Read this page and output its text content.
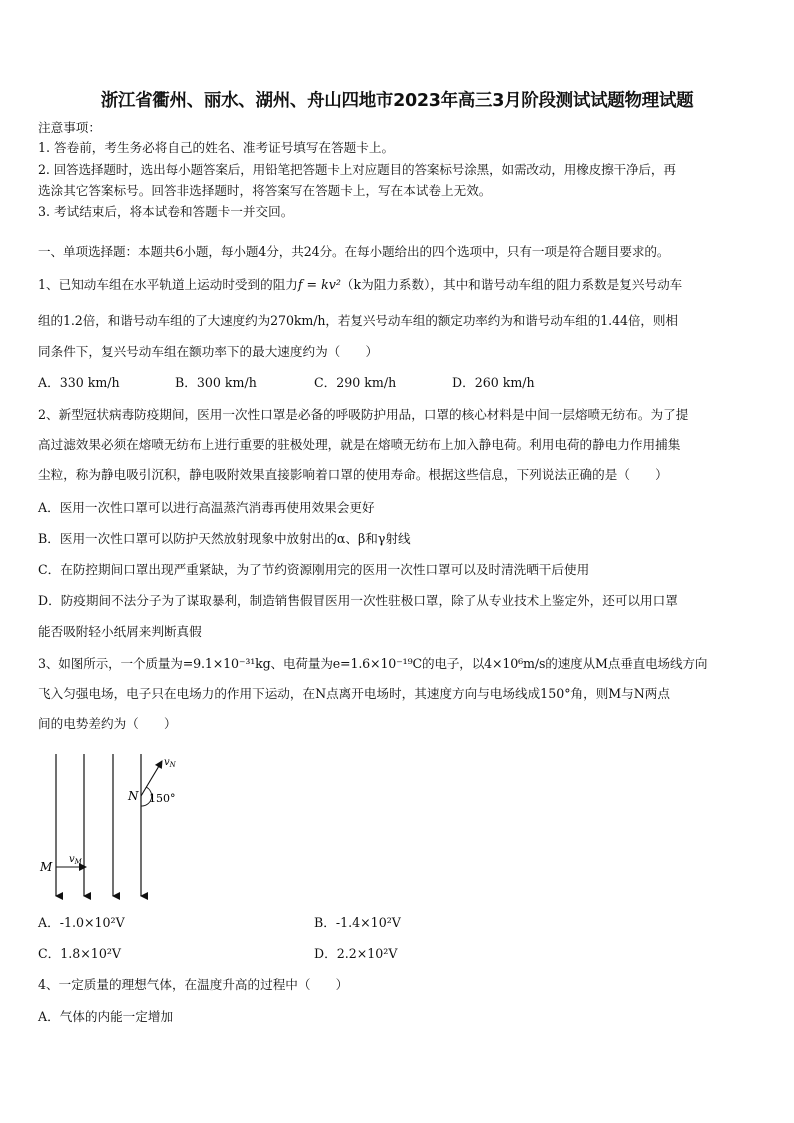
浙江省衢州、丽水、湖州、舟山四地市2023年高三3月阶段测试试题物理试题
注意事项：
1. 答卷前，考生务必将自己的姓名、准考证号填写在答题卡上。
2. 回答选择题时，选出每小题答案后，用铅笔把答题卡上对应题目的答案标号涂黑，如需改动，用橡皮擦干净后，再
选涂其它答案标号。回答非选择题时，将答案写在答题卡上，写在本试卷上无效。
3. 考试结束后，将本试卷和答题卡一并交回。
一、单项选择题：本题共6小题，每小题4分，共24分。在每小题给出的四个选项中，只有一项是符合题目要求的。
1、已知动车组在水平轨道上运动时受到的阻力f = kv²（k为阻力系数），其中和谐号动车组的阻力系数是复兴号动车
组的1.2倍，和谐号动车组的了大速度约为270km/h，若复兴号动车组的额定功率约为和谐号动车组的1.44倍，则相
同条件下，复兴号动车组在额功率下的最大速度约为（　　）
A．330 km/h	B．300 km/h	C．290 km/h	D．260 km/h
2、新型冠状病毒防疫期间，医用一次性口罩是必备的呼吸防护用品，口罩的核心材料是中间一层熔喷无纺布。为了提
高过滤效果必须在熔喷无纺布上进行重要的驻极处理，就是在熔喷无纺布上加入静电荷。利用电荷的静电力作用捕集
尘粒，称为静电吸引沉积，静电吸附效果直接影响着口罩的使用寿命。根据这些信息，下列说法正确的是（　　）
A．医用一次性口罩可以进行高温蒸汽消毒再使用效果会更好
B．医用一次性口罩可以防护天然放射现象中放射出的α、β和γ射线
C．在防控期间口罩出现严重紧缺，为了节约资源刚用完的医用一次性口罩可以及时清洗晒干后使用
D．防疫期间不法分子为了谋取暴利，制造销售假冒医用一次性驻极口罩，除了从专业技术上鉴定外，还可以用口罩
能否吸附轻小纸屑来判断真假
3、如图所示，一个质量为=9.1×10⁻³¹kg、电荷量为e=1.6×10⁻¹⁹C的电子，以4×10⁶m/s的速度从M点垂直电场线方向
飞入匀强电场，电子只在电场力的作用下运动，在N点离开电场时，其速度方向与电场线成150°角，则M与N两点
间的电势差约为（　　）
M
$v_M$
N
$v_N$
150°
A．-1.0×10²V	B．-1.4×10²V
C．1.8×10²V	D．2.2×10²V
4、一定质量的理想气体，在温度升高的过程中（　　）
A．气体的内能一定增加
